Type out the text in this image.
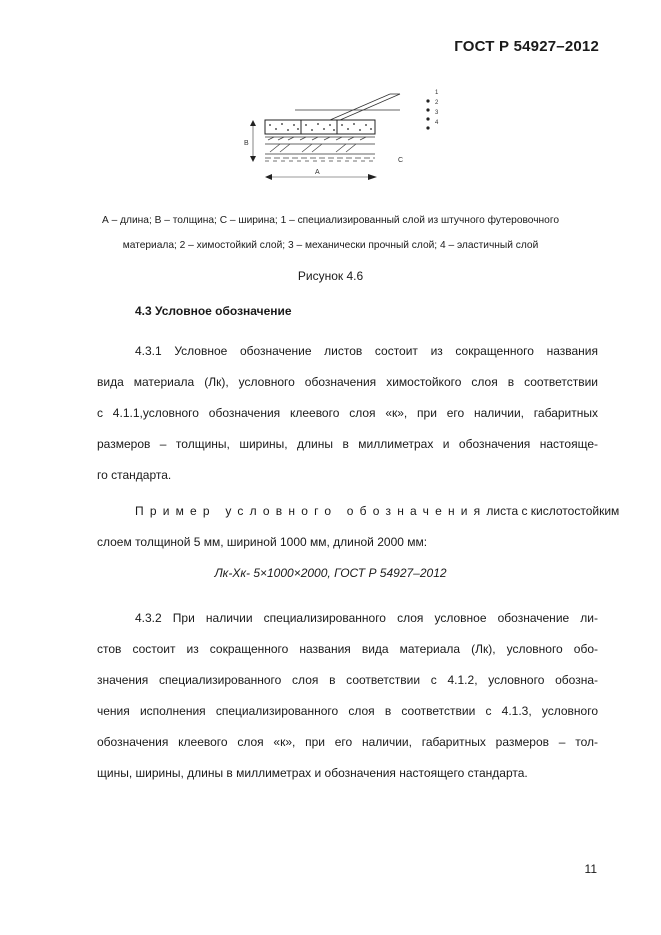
ГОСТ Р 54927–2012
В
А
С
1
2
3
4
А – длина; В – толщина; С – ширина; 1 – специализированный слой из штучного футеровочного
материала; 2 – химостойкий слой; 3 – механически прочный слой; 4 – эластичный слой
Рисунок 4.6
4.3 Условное обозначение
4.3.1 Условное обозначение листов состоит из сокращенного названия
вида материала (Лк), условного обозначения химостойкого слоя в соответствии
с 4.1.1,условного обозначения клеевого слоя «к», при его наличии, габаритных
размеров – толщины, ширины, длины в миллиметрах и обозначения настояще-
го стандарта.
Пример условного обозначения листа с кислотостойким
слоем толщиной 5 мм, шириной 1000 мм, длиной 2000 мм:
Лк-Хк- 5×1000×2000, ГОСТ Р 54927–2012
4.3.2 При наличии специализированного слоя условное обозначение ли-
стов состоит из сокращенного названия вида материала (Лк), условного обо-
значения специализированного слоя в соответствии с 4.1.2, условного обозна-
чения исполнения специализированного слоя в соответствии с 4.1.3, условного
обозначения клеевого слоя «к», при его наличии, габаритных размеров – тол-
щины, ширины, длины в миллиметрах и обозначения настоящего стандарта.
11
